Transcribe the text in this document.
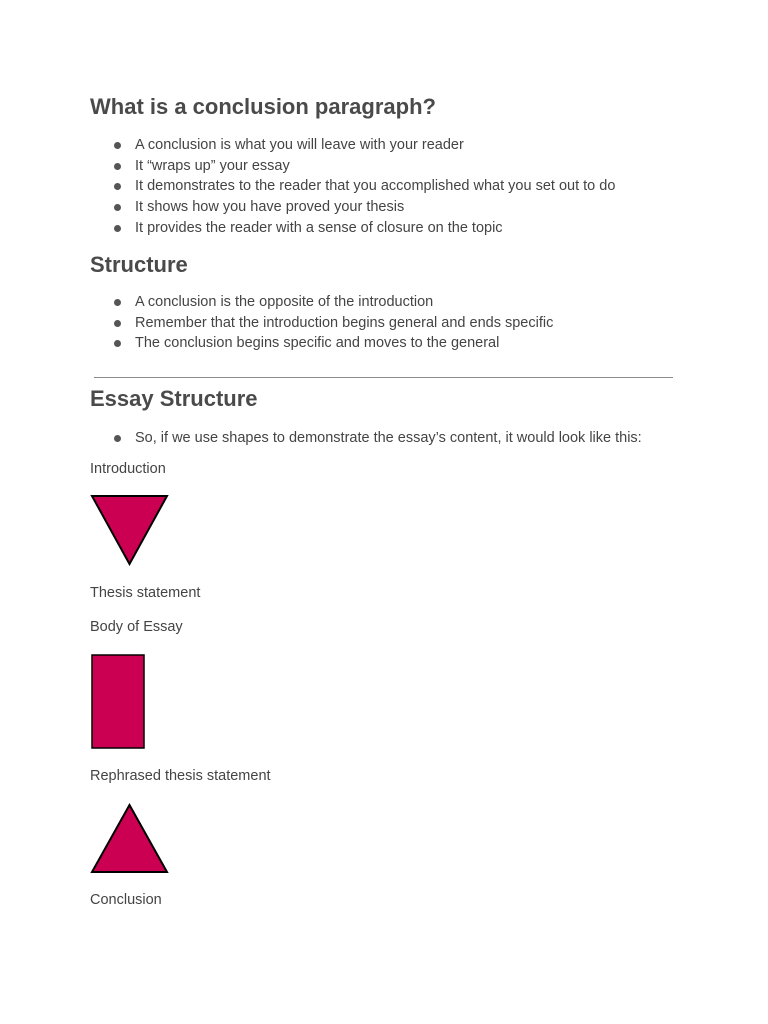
What is a conclusion paragraph?
A conclusion is what you will leave with your reader
It “wraps up” your essay
It demonstrates to the reader that you accomplished what you set out to do
It shows how you have proved your thesis
It provides the reader with a sense of closure on the topic
Structure
A conclusion is the opposite of the introduction
Remember that the introduction begins general and ends specific
The conclusion begins specific and moves to the general
Essay Structure
So, if we use shapes to demonstrate the essay’s content, it would look like this:

Introduction

Thesis statement

Body of Essay

Rephrased thesis statement

Conclusion
